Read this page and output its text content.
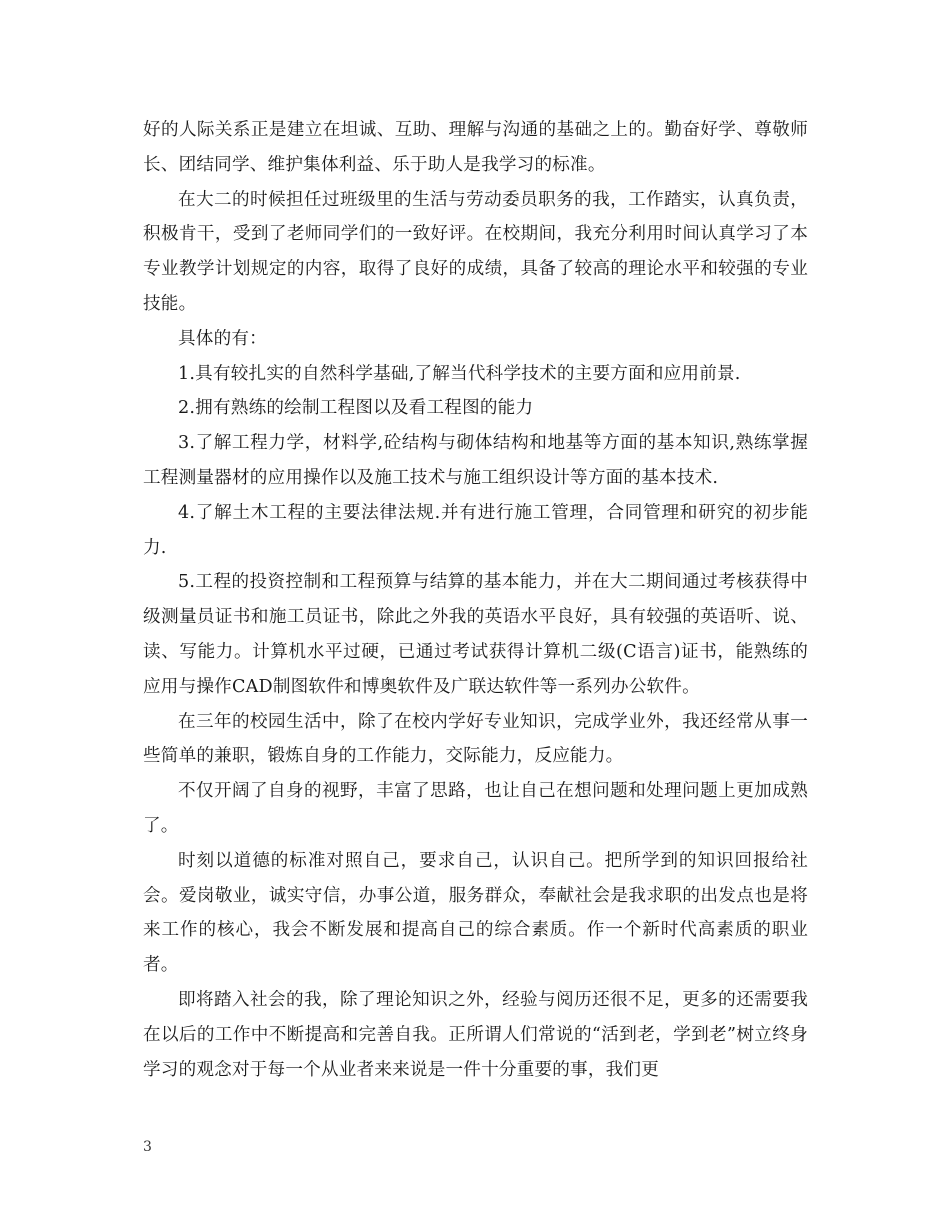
好的人际关系正是建立在坦诚、互助、理解与沟通的基础之上的。勤奋好学、尊敬师长、团结同学、维护集体利益、乐于助人是我学习的标准。

在大二的时候担任过班级里的生活与劳动委员职务的我，工作踏实，认真负责，积极肯干，受到了老师同学们的一致好评。在校期间，我充分利用时间认真学习了本专业教学计划规定的内容，取得了良好的成绩，具备了较高的理论水平和较强的专业技能。

具体的有：

1.具有较扎实的自然科学基础,了解当代科学技术的主要方面和应用前景.

2.拥有熟练的绘制工程图以及看工程图的能力

3.了解工程力学，材料学,砼结构与砌体结构和地基等方面的基本知识,熟练掌握工程测量器材的应用操作以及施工技术与施工组织设计等方面的基本技术.

4.了解土木工程的主要法律法规.并有进行施工管理，合同管理和研究的初步能力.

5.工程的投资控制和工程预算与结算的基本能力，并在大二期间通过考核获得中级测量员证书和施工员证书，除此之外我的英语水平良好，具有较强的英语听、说、读、写能力。计算机水平过硬，已通过考试获得计算机二级(C语言)证书，能熟练的应用与操作CAD制图软件和博奥软件及广联达软件等一系列办公软件。

在三年的校园生活中，除了在校内学好专业知识，完成学业外，我还经常从事一些简单的兼职，锻炼自身的工作能力，交际能力，反应能力。

不仅开阔了自身的视野，丰富了思路，也让自己在想问题和处理问题上更加成熟了。

时刻以道德的标准对照自己，要求自己，认识自己。把所学到的知识回报给社会。爱岗敬业，诚实守信，办事公道，服务群众，奉献社会是我求职的出发点也是将来工作的核心，我会不断发展和提高自己的综合素质。作一个新时代高素质的职业者。

即将踏入社会的我，除了理论知识之外，经验与阅历还很不足，更多的还需要我在以后的工作中不断提高和完善自我。正所谓人们常说的“活到老，学到老”树立终身学习的观念对于每一个从业者来来说是一件十分重要的事，我们更

3
